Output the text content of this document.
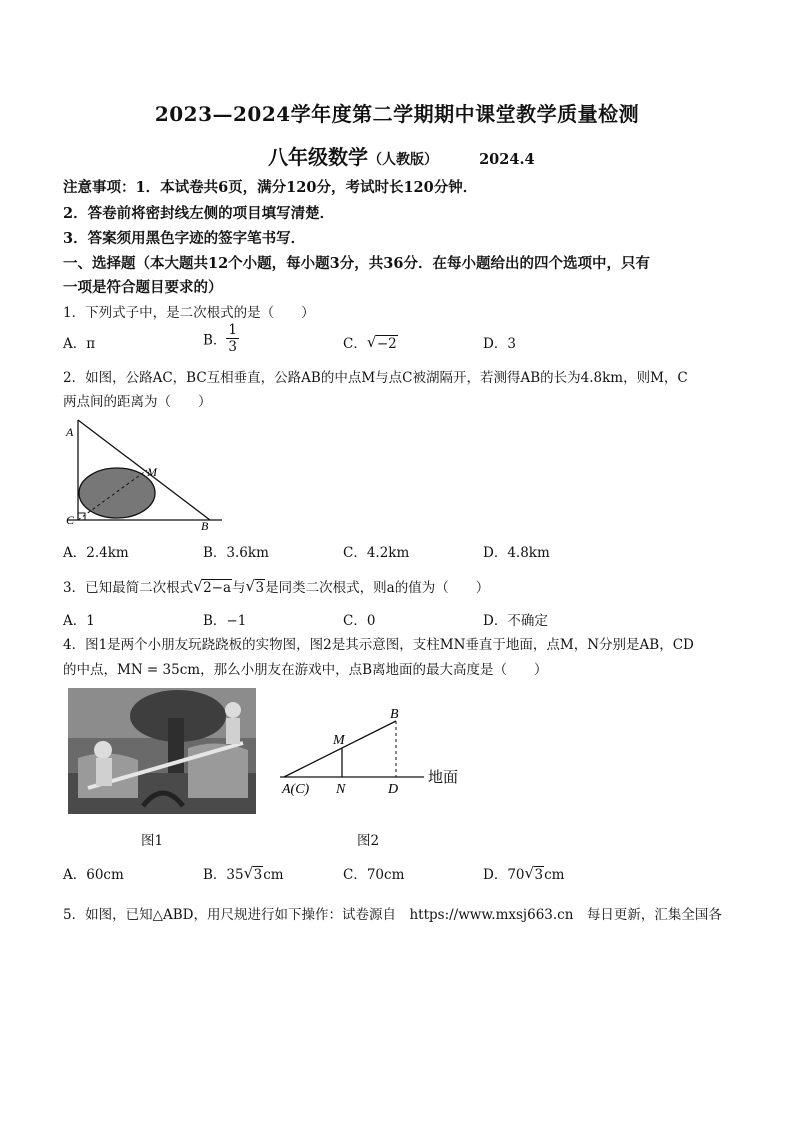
2023—2024学年度第二学期期中课堂教学质量检测
八年级数学（人教版）	2024.4
注意事项：1．本试卷共6页，满分120分，考试时长120分钟．
2．答卷前将密封线左侧的项目填写清楚．
3．答案须用黑色字迹的签字笔书写．
一、选择题（本大题共12个小题，每小题3分，共36分．在每小题给出的四个选项中，只有
一项是符合题目要求的）
1．下列式子中，是二次根式的是（　　）
A．π	B． $\frac{1}{3}$	C． √ −2	D．3
2．如图，公路AC，BC互相垂直，公路AB的中点M与点C被湖隔开，若测得AB的长为4.8km，则M，C
两点间的距离为（　　）
A
M
C	B
A．2.4km	B．3.6km	C．4.2km	D．4.8km
3．已知最简二次根式 √ 2−a与 √ 3是同类二次根式，则a的值为（　　）
A．1	B．−1	C．0	D．不确定
4．图1是两个小朋友玩跷跷板的实物图，图2是其示意图，支柱MN垂直于地面，点M，N分别是AB，CD
的中点，MN = 35cm，那么小朋友在游戏中，点B离地面的最大高度是（　　）
B
M
A(C) N	D
地面
图1	图2
A．60cm	B．35 √ 3cm	C．70cm	D．70 √ 3cm
5．如图，已知△ABD，用尺规进行如下操作：试卷源自　https://www.mxsj663.cn　每日更新，汇集全国各
